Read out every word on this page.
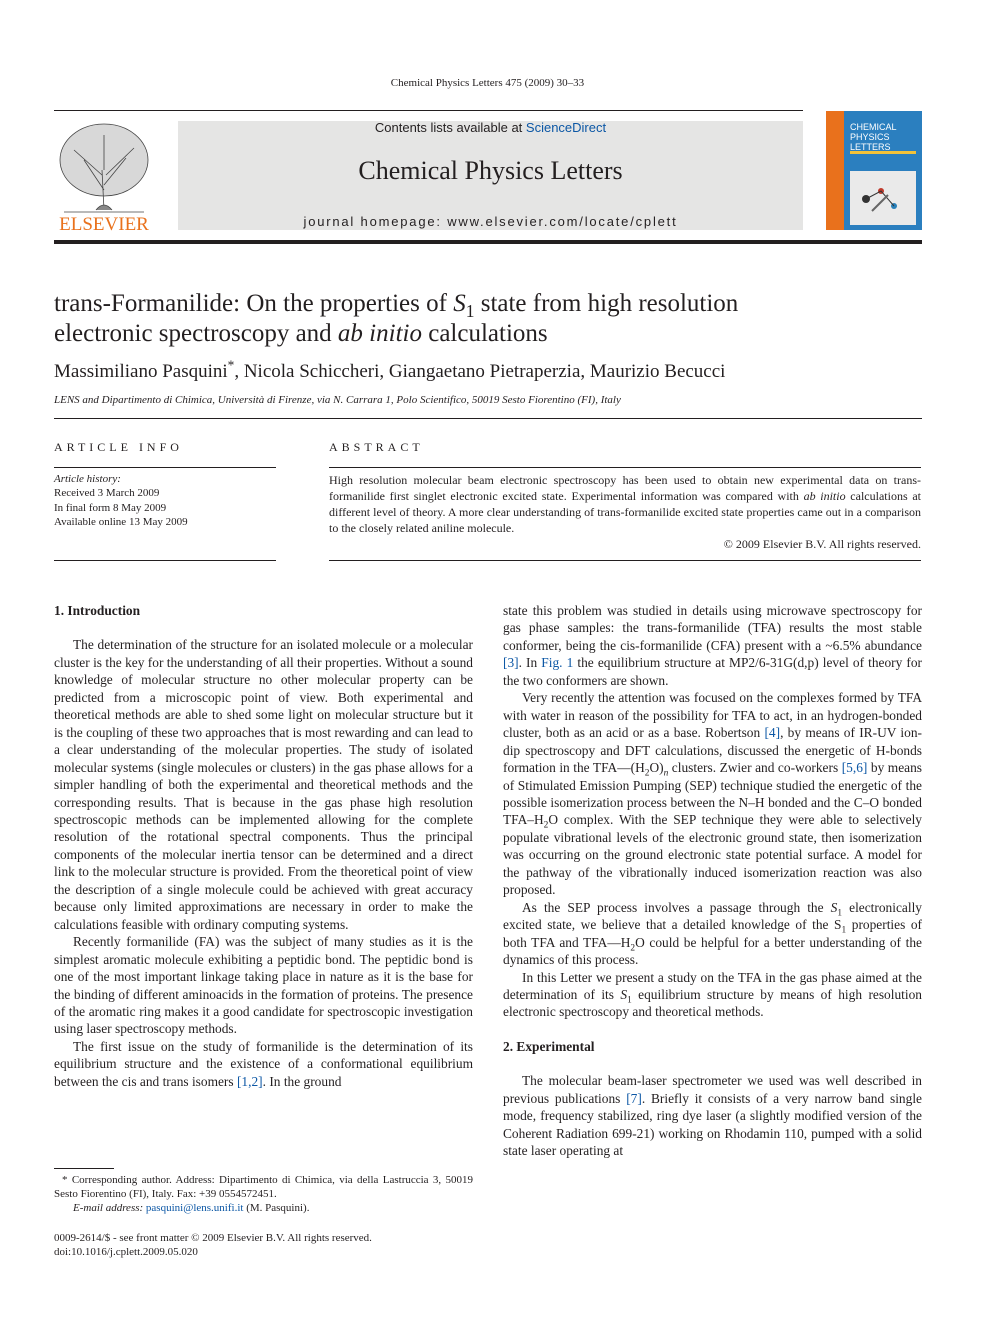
Chemical Physics Letters 475 (2009) 30–33
ELSEVIER
Contents lists available at ScienceDirect
Chemical Physics Letters
journal homepage: www.elsevier.com/locate/cplett
CHEMICAL
PHYSICS
LETTERS
trans-Formanilide: On the properties of $S_1$ state from high resolution
electronic spectroscopy and ab initio calculations
Massimiliano Pasquini*, Nicola Schiccheri, Giangaetano Pietraperzia, Maurizio Becucci
LENS and Dipartimento di Chimica, Università di Firenze, via N. Carrara 1, Polo Scientifico, 50019 Sesto Fiorentino (FI), Italy
ARTICLE INFO
Article history:
Received 3 March 2009
In final form 8 May 2009
Available online 13 May 2009
ABSTRACT
High resolution molecular beam electronic spectroscopy has been used to obtain new experimental data on trans-formanilide first singlet electronic excited state. Experimental information was compared with ab initio calculations at different level of theory. A more clear understanding of trans-formanilide excited state properties came out in a comparison to the closely related aniline molecule.
© 2009 Elsevier B.V. All rights reserved.
1. Introduction

The determination of the structure for an isolated molecule or a molecular cluster is the key for the understanding of all their properties. Without a sound knowledge of molecular structure no other molecular property can be predicted from a microscopic point of view. Both experimental and theoretical methods are able to shed some light on molecular structure but it is the coupling of these two approaches that is most rewarding and can lead to a clear understanding of the molecular properties. The study of isolated molecular systems (single molecules or clusters) in the gas phase allows for a simpler handling of both the experimental and theoretical methods and the corresponding results. That is because in the gas phase high resolution spectroscopic methods can be implemented allowing for the complete resolution of the rotational spectral components. Thus the principal components of the molecular inertia tensor can be determined and a direct link to the molecular structure is provided. From the theoretical point of view the description of a single molecule could be achieved with great accuracy because only limited approximations are necessary in order to make the calculations feasible with ordinary computing systems.

Recently formanilide (FA) was the subject of many studies as it is the simplest aromatic molecule exhibiting a peptidic bond. The peptidic bond is one of the most important linkage taking place in nature as it is the base for the binding of different aminoacids in the formation of proteins. The presence of the aromatic ring makes it a good candidate for spectroscopic investigation using laser spectroscopy methods.

The first issue on the study of formanilide is the determination of its equilibrium structure and the existence of a conformational equilibrium between the cis and trans isomers [1,2]. In the ground

* Corresponding author. Address: Dipartimento di Chimica, via della Lastruccia 3, 50019 Sesto Fiorentino (FI), Italy. Fax: +39 0554572451.
E-mail address: pasquini@lens.unifi.it (M. Pasquini).
0009-2614/$ - see front matter © 2009 Elsevier B.V. All rights reserved.
doi:10.1016/j.cplett.2009.05.020

state this problem was studied in details using microwave spectroscopy for gas phase samples: the trans-formanilide (TFA) results the most stable conformer, being the cis-formanilide (CFA) present with a ~6.5% abundance [3]. In Fig. 1 the equilibrium structure at MP2/6-31G(d,p) level of theory for the two conformers are shown.

Very recently the attention was focused on the complexes formed by TFA with water in reason of the possibility for TFA to act, in an hydrogen-bonded cluster, both as an acid or as a base. Robertson [4], by means of IR-UV ion-dip spectroscopy and DFT calculations, discussed the energetic of H-bonds formation in the $TFA—(H_2O)_n$ clusters. Zwier and co-workers [5,6] by means of Stimulated Emission Pumping (SEP) technique studied the energetic of the possible isomerization process between the N–H bonded and the C–O bonded TFA–$H_2O$ complex. With the SEP technique they were able to selectively populate vibrational levels of the electronic ground state, then isomerization was occurring on the ground electronic state potential surface. A model for the pathway of the vibrationally induced isomerization reaction was also proposed.

As the SEP process involves a passage through the $S_1$ electronically excited state, we believe that a detailed knowledge of the $S_1$ properties of both TFA and $TFA—H_2O$ could be helpful for a better understanding of the dynamics of this process.

In this Letter we present a study on the TFA in the gas phase aimed at the determination of its $S_1$ equilibrium structure by means of high resolution electronic spectroscopy and theoretical methods.

2. Experimental

The molecular beam-laser spectrometer we used was well described in previous publications [7]. Briefly it consists of a very narrow band single mode, frequency stabilized, ring dye laser (a slightly modified version of the Coherent Radiation 699-21) working on Rhodamin 110, pumped with a solid state laser operating at
